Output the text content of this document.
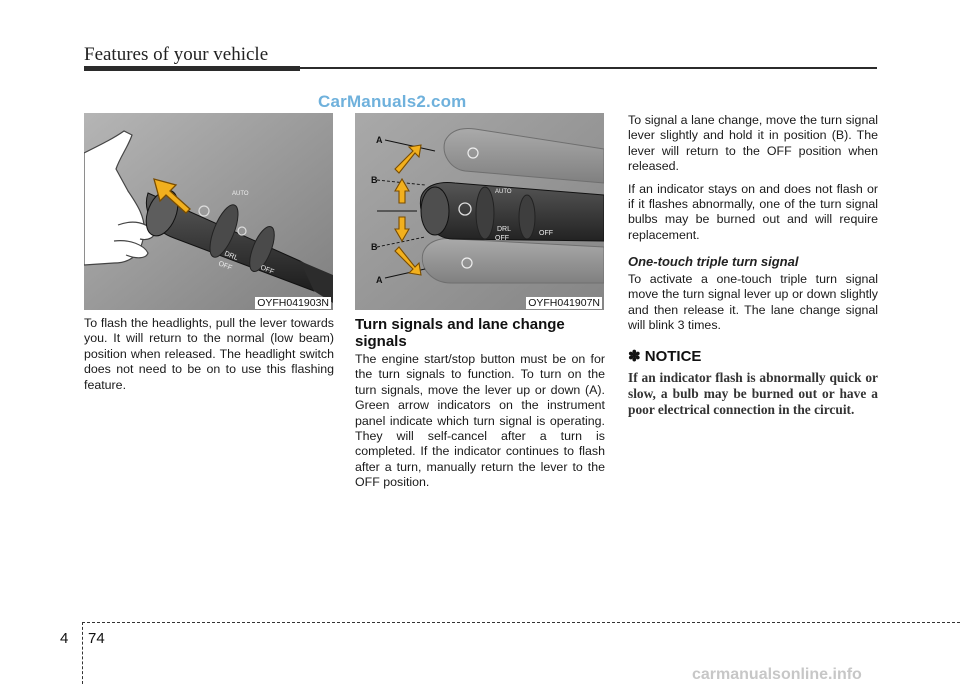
Features of your vehicle
CarManuals2.com
AUTO
DRL
OFF	OFF
OYFH041903N
AUTO
DRL
OFF
OFF
A
B
B
A
OYFH041907N

To flash the headlights, pull the lever towards you. It will return to the normal (low beam) position when released. The headlight switch does not need to be on to use this flashing feature.

Turn signals and lane change signals

The engine start/stop button must be on for the turn signals to function. To turn on the turn signals, move the lever up or down (A). Green arrow indicators on the instrument panel indicate which turn signal is operating. They will self-cancel after a turn is completed. If the indicator continues to flash after a turn, manually return the lever to the OFF position.

To signal a lane change, move the turn signal lever slightly and hold it in position (B). The lever will return to the OFF position when released.

If an indicator stays on and does not flash or if it flashes abnormally, one of the turn signal bulbs may be burned out and will require replacement.

One-touch triple turn signal

To activate a one-touch triple turn signal move the turn signal lever up or down slightly and then release it. The lane change signal will blink 3 times.

✽ NOTICE
If an indicator flash is abnormally quick or slow, a bulb may be burned out or have a poor electrical connection in the circuit.
4 74
carmanualsonline.info
